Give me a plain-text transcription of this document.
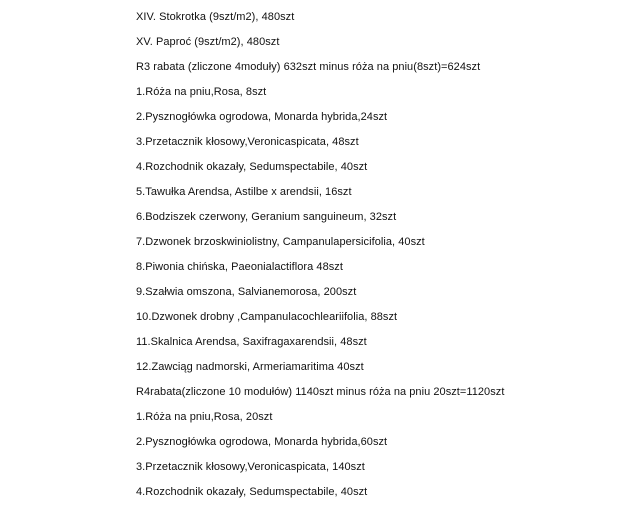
XIV. Stokrotka (9szt/m2), 480szt
XV. Paproć (9szt/m2), 480szt
R3 rabata (zliczone 4moduły) 632szt minus róża na pniu(8szt)=624szt
1.Róża na pniu,Rosa, 8szt
2.Pysznogłówka ogrodowa, Monarda hybrida,24szt
3.Przetacznik kłosowy,Veronicaspicata, 48szt
4.Rozchodnik okazały, Sedumspectabile, 40szt
5.Tawułka Arendsa, Astilbe x arendsii, 16szt
6.Bodziszek czerwony, Geranium sanguineum, 32szt
7.Dzwonek brzoskwiniolistny, Campanulapersicifolia, 40szt
8.Piwonia chińska, Paeonialactiflora 48szt
9.Szałwia omszona, Salvianemorosa, 200szt
10.Dzwonek drobny ,Campanulacochleariifolia, 88szt
11.Skalnica Arendsa, Saxifragaxarendsii, 48szt
12.Zawciąg nadmorski, Armeriamaritima 40szt
R4rabata(zliczone 10 modułów) 1140szt minus róża na pniu 20szt=1120szt
1.Róża na pniu,Rosa, 20szt
2.Pysznogłówka ogrodowa, Monarda hybrida,60szt
3.Przetacznik kłosowy,Veronicaspicata, 140szt
4.Rozchodnik okazały, Sedumspectabile, 40szt
